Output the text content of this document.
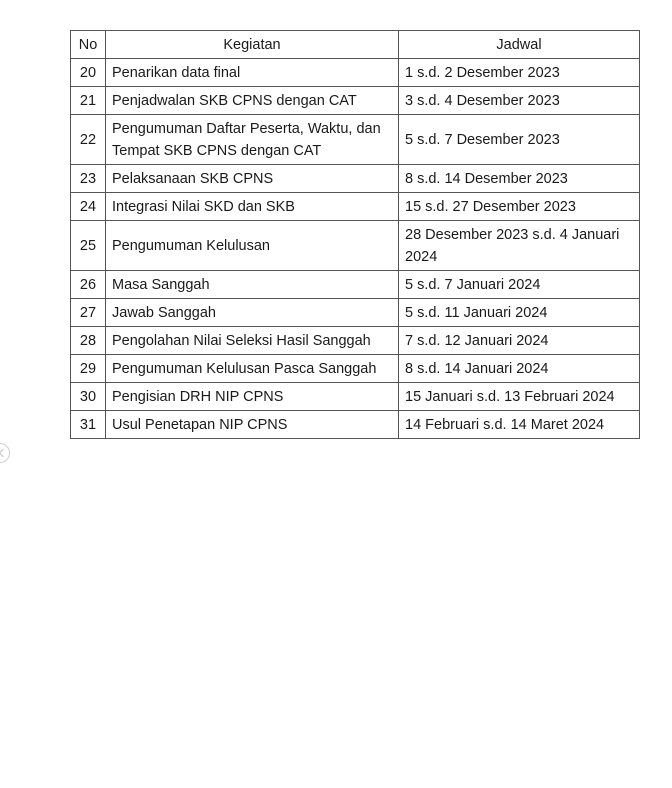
No	Kegiatan	Jadwal
20	Penarikan data final	1 s.d. 2 Desember 2023
21	Penjadwalan SKB CPNS dengan CAT	3 s.d. 4 Desember 2023
22	Pengumuman Daftar Peserta, Waktu, dan Tempat SKB CPNS dengan CAT	5 s.d. 7 Desember 2023
23	Pelaksanaan SKB CPNS	8 s.d. 14 Desember 2023
24	Integrasi Nilai SKD dan SKB	15 s.d. 27 Desember 2023
25	Pengumuman Kelulusan	28 Desember 2023 s.d. 4 Januari 2024
26	Masa Sanggah	5 s.d. 7 Januari 2024
27	Jawab Sanggah	5 s.d. 11 Januari 2024
28	Pengolahan Nilai Seleksi Hasil Sanggah	7 s.d. 12 Januari 2024
29	Pengumuman Kelulusan Pasca Sanggah	8 s.d. 14 Januari 2024
30	Pengisian DRH NIP CPNS	15 Januari s.d. 13 Februari 2024
31	Usul Penetapan NIP CPNS	14 Februari s.d. 14 Maret 2024
